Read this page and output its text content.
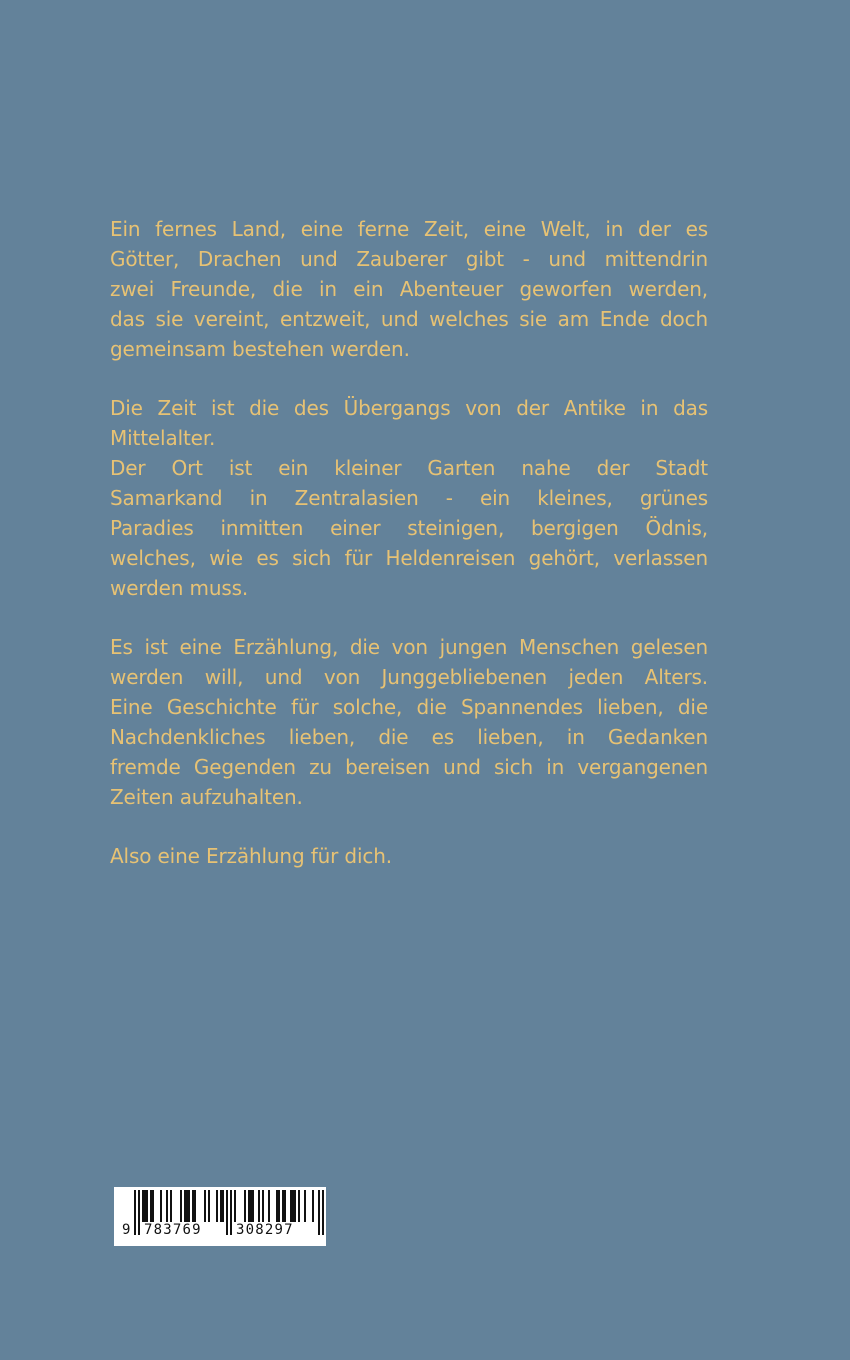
Ein fernes Land, eine ferne Zeit, eine Welt, in der es
Götter, Drachen und Zauberer gibt - und mittendrin
zwei Freunde, die in ein Abenteuer geworfen werden,
das sie vereint, entzweit, und welches sie am Ende doch
gemeinsam bestehen werden.

Die Zeit ist die des Übergangs von der Antike in das
Mittelalter.
Der Ort ist ein kleiner Garten nahe der Stadt
Samarkand in Zentralasien - ein kleines, grünes
Paradies inmitten einer steinigen, bergigen Ödnis,
welches, wie es sich für Heldenreisen gehört, verlassen
werden muss.

Es ist eine Erzählung, die von jungen Menschen gelesen
werden will, und von Junggebliebenen jeden Alters.
Eine Geschichte für solche, die Spannendes lieben, die
Nachdenkliches lieben, die es lieben, in Gedanken
fremde Gegenden zu bereisen und sich in vergangenen
Zeiten aufzuhalten.

Also eine Erzählung für dich.

9 783769 308297
